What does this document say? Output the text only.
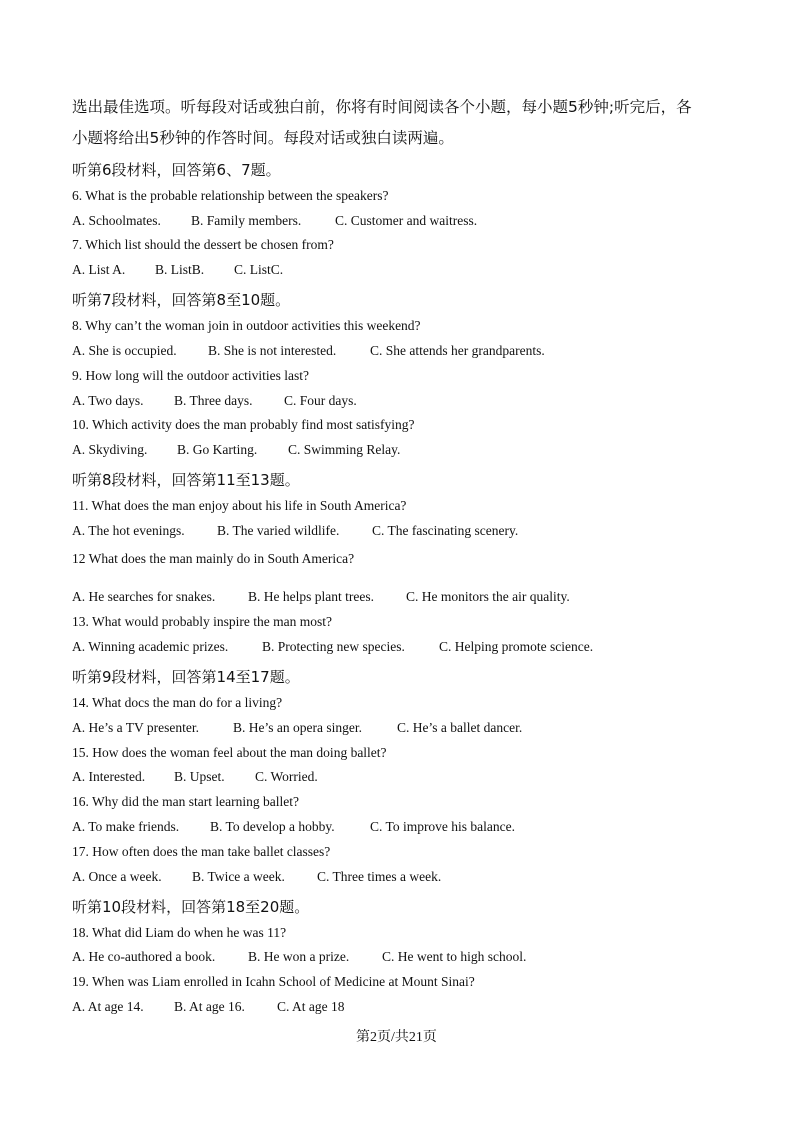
选出最佳选项。听每段对话或独白前，你将有时间阅读各个小题，每小题5秒钟;听完后，各
小题将给出5秒钟的作答时间。每段对话或独白读两遍。
听第6段材料，回答第6、7题。
6. What is the probable relationship between the speakers?
A. Schoolmates. B. Family members.	C. Customer and waitress.
7. Which list should the dessert be chosen from?
A. List A. B. ListB. C. ListC.
听第7段材料，回答第8至10题。
8. Why can’t the woman join in outdoor activities this weekend?
A. She is occupied. B. She is not interested.	C. She attends her grandparents.
9. How long will the outdoor activities last?
A. Two days. B. Three days. C. Four days.
10. Which activity does the man probably find most satisfying?
A. Skydiving. B. Go Karting. C. Swimming Relay.
听第8段材料，回答第11至13题。
11. What does the man enjoy about his life in South America?
A. The hot evenings. B. The varied wildlife. C. The fascinating scenery.
12 What does the man mainly do in South America?
A. He searches for snakes. B. He helps plant trees. C. He monitors the air quality.
13. What would probably inspire the man most?
A. Winning academic prizes. B. Protecting new species.	C. Helping promote science.
听第9段材料，回答第14至17题。
14. What docs the man do for a living?
A. He’s a TV presenter.	B. He’s an opera singer.	C. He’s a ballet dancer.
15. How does the woman feel about the man doing ballet?
A. Interested. B. Upset. C. Worried.
16. Why did the man start learning ballet?
A. To make friends. B. To develop a hobby.	C. To improve his balance.
17. How often does the man take ballet classes?
A. Once a week. B. Twice a week. C. Three times a week.
听第10段材料，回答第18至20题。
18. What did Liam do when he was 11?
A. He co-authored a book. B. He won a prize. C. He went to high school.
19. When was Liam enrolled in Icahn School of Medicine at Mount Sinai?
A. At age 14. B. At age 16. C. At age 18
第2页/共21页
